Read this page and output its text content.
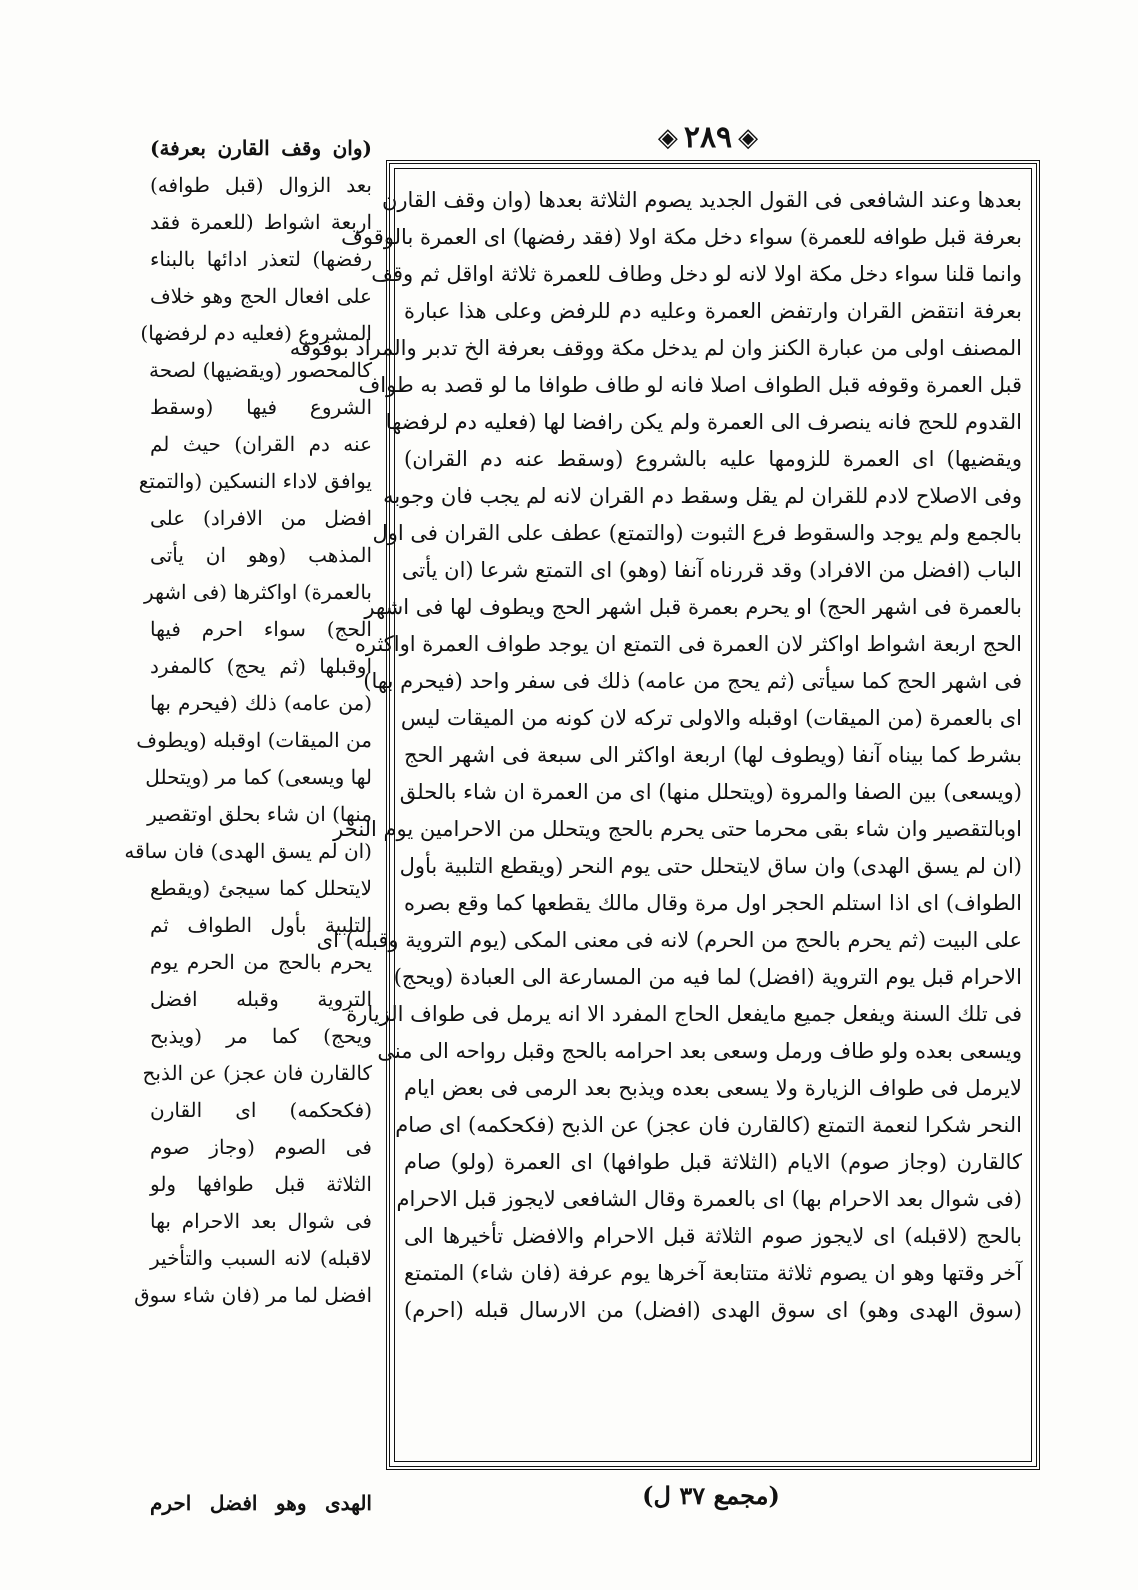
◈ ٢٨٩ ◈
بعدها وعند الشافعى فى القول الجديد يصوم الثلاثة بعدها (وان وقف القارن
بعرفة قبل طوافه للعمرة) سواء دخل مكة اولا (فقد رفضها) اى العمرة بالوقوف
وانما قلنا سواء دخل مكة اولا لانه لو دخل وطاف للعمرة ثلاثة اواقل ثم وقف
بعرفة انتقض القران وارتفض العمرة وعليه دم للرفض وعلى هذا عبارة
المصنف اولى من عبارة الكنز وان لم يدخل مكة ووقف بعرفة الخ تدبر والمراد بوقوفه
قبل العمرة وقوفه قبل الطواف اصلا فانه لو طاف طوافا ما لو قصد به طواف
القدوم للحج فانه ينصرف الى العمرة ولم يكن رافضا لها (فعليه دم لرفضها
ويقضيها) اى العمرة للزومها عليه بالشروع (وسقط عنه دم القران)
وفى الاصلاح لادم للقران لم يقل وسقط دم القران لانه لم يجب فان وجوبه
بالجمع ولم يوجد والسقوط فرع الثبوت (والتمتع) عطف على القران فى اول
الباب (افضل من الافراد) وقد قررناه آنفا (وهو) اى التمتع شرعا (ان يأتى
بالعمرة فى اشهر الحج) او يحرم بعمرة قبل اشهر الحج ويطوف لها فى اشهر
الحج اربعة اشواط اواكثر لان العمرة فى التمتع ان يوجد طواف العمرة اواكثره
فى اشهر الحج كما سيأتى (ثم يحج من عامه) ذلك فى سفر واحد (فيحرم بها)
اى بالعمرة (من الميقات) اوقبله والاولى تركه لان كونه من الميقات ليس
بشرط كما بيناه آنفا (ويطوف لها) اربعة اواكثر الى سبعة فى اشهر الحج
(ويسعى) بين الصفا والمروة (ويتحلل منها) اى من العمرة ان شاء بالحلق
اوبالتقصير وان شاء بقى محرما حتى يحرم بالحج ويتحلل من الاحرامين يوم النحر
(ان لم يسق الهدى) وان ساق لايتحلل حتى يوم النحر (ويقطع التلبية بأول
الطواف) اى اذا استلم الحجر اول مرة وقال مالك يقطعها كما وقع بصره
على البيت (ثم يحرم بالحج من الحرم) لانه فى معنى المكى (يوم التروية وقبله) اى
الاحرام قبل يوم التروية (افضل) لما فيه من المسارعة الى العبادة (ويحج)
فى تلك السنة ويفعل جميع مايفعل الحاج المفرد الا انه يرمل فى طواف الزيارة
ويسعى بعده ولو طاف ورمل وسعى بعد احرامه بالحج وقبل رواحه الى منى
لايرمل فى طواف الزيارة ولا يسعى بعده ويذبح بعد الرمى فى بعض ايام
النحر شكرا لنعمة التمتع (كالقارن فان عجز) عن الذبح (فكحكمه) اى صام
كالقارن (وجاز صوم) الايام (الثلاثة قبل طوافها) اى العمرة (ولو) صام
(فى شوال بعد الاحرام بها) اى بالعمرة وقال الشافعى لايجوز قبل الاحرام
بالحج (لاقبله) اى لايجوز صوم الثلاثة قبل الاحرام والافضل تأخيرها الى
آخر وقتها وهو ان يصوم ثلاثة متتابعة آخرها يوم عرفة (فان شاء) المتمتع
(سوق الهدى وهو) اى سوق الهدى (افضل) من الارسال قبله (احرم)
(وان وقف القارن بعرفة)
بعد الزوال (قبل طوافه)
اربعة اشواط (للعمرة فقد
رفضها) لتعذر ادائها بالبناء
على افعال الحج وهو خلاف
المشروع (فعليه دم لرفضها)
كالمحصور (ويقضيها) لصحة
الشروع فيها (وسقط
عنه دم القران) حيث لم
يوافق لاداء النسكين (والتمتع
افضل من الافراد) على
المذهب (وهو ان يأتى
بالعمرة) اواكثرها (فى اشهر
الحج) سواء احرم فيها
اوقبلها (ثم يحج) كالمفرد
(من عامه) ذلك (فيحرم بها
من الميقات) اوقبله (ويطوف
لها ويسعى) كما مر (ويتحلل
منها) ان شاء بحلق اوتقصير
(ان لم يسق الهدى) فان ساقه
لايتحلل كما سيجئ (ويقطع
التلبية بأول الطواف ثم
يحرم بالحج من الحرم يوم
التروية وقبله افضل
ويحج) كما مر (ويذبح
كالقارن فان عجز) عن الذبح
(فكحكمه) اى القارن
فى الصوم (وجاز صوم
الثلاثة قبل طوافها ولو
فى شوال بعد الاحرام بها
لاقبله) لانه السبب والتأخير
افضل لما مر (فان شاء سوق
الهدى وهو افضل احرم	(مجمع ٣٧ ل)
